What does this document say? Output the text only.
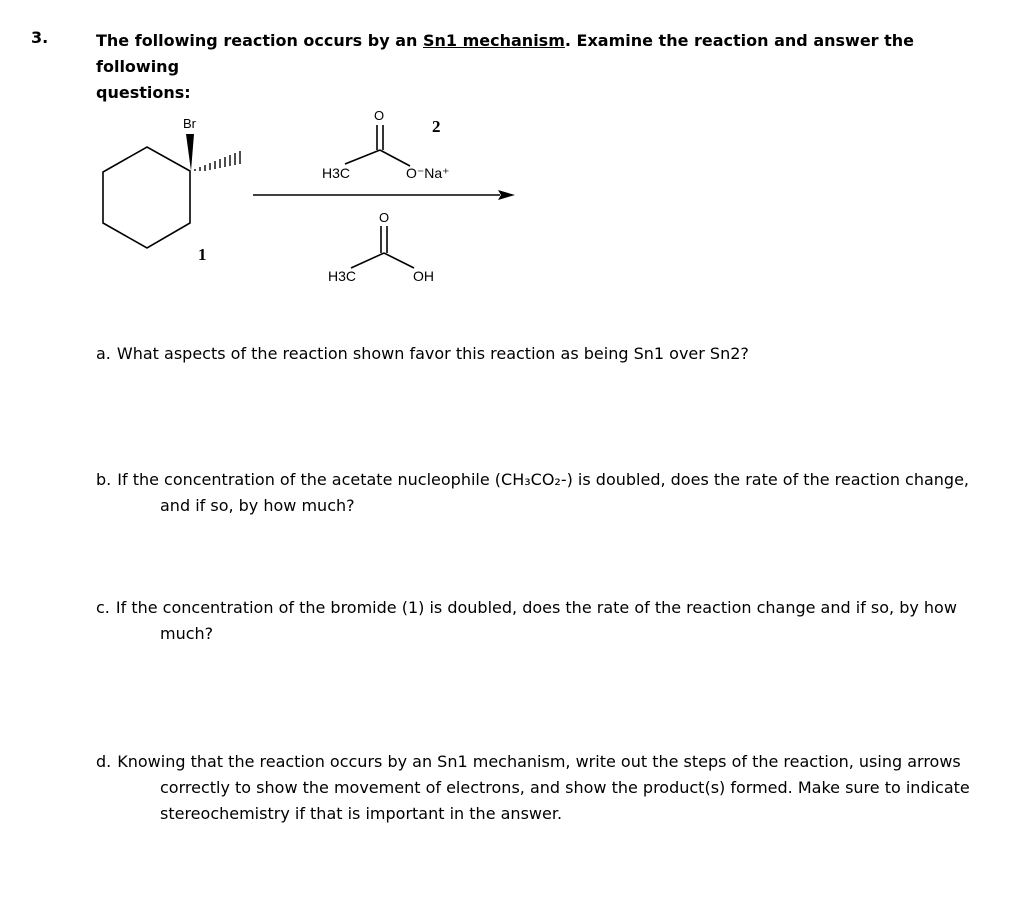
3.	The following reaction occurs by an Sn1 mechanism. Examine the reaction and answer the following
questions:
Br
1
O
2
H3C	O⁻Na⁺
O
H3C	OH
a. What aspects of the reaction shown favor this reaction as being Sn1 over Sn2?
b. If the concentration of the acetate nucleophile (CH₃CO₂-) is doubled, does the rate of the reaction change,
and if so, by how much?
c. If the concentration of the bromide (1) is doubled, does the rate of the reaction change and if so, by how
much?
d. Knowing that the reaction occurs by an Sn1 mechanism, write out the steps of the reaction, using arrows
correctly to show the movement of electrons, and show the product(s) formed. Make sure to indicate
stereochemistry if that is important in the answer.
